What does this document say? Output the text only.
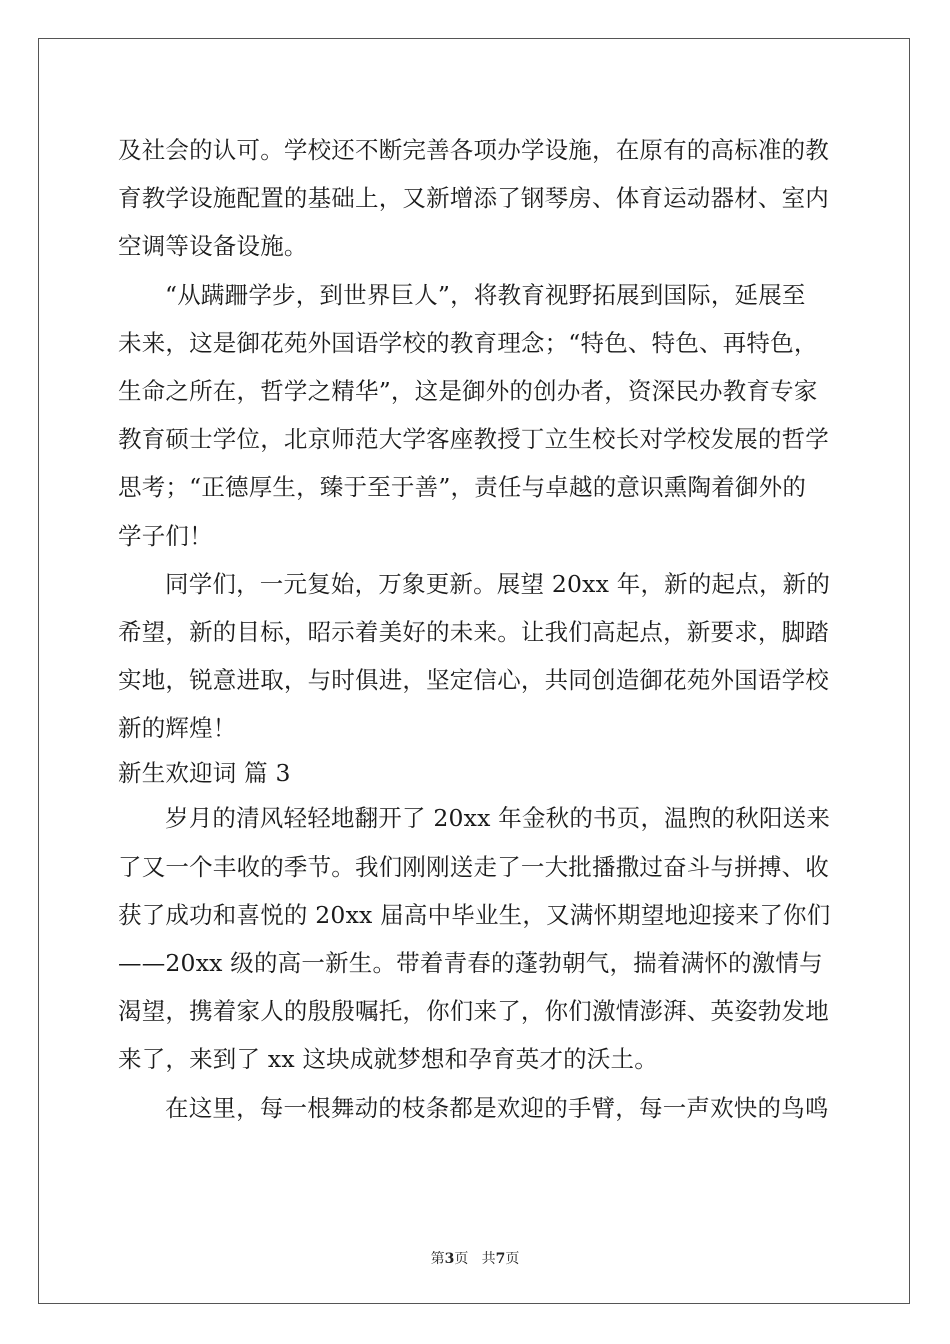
及社会的认可。学校还不断完善各项办学设施，在原有的高标准的教
育教学设施配置的基础上，又新增添了钢琴房、体育运动器材、室内
空调等设备设施。
“从蹒跚学步，到世界巨人”，将教育视野拓展到国际，延展至
未来，这是御花苑外国语学校的教育理念；“特色、特色、再特色，
生命之所在，哲学之精华”，这是御外的创办者，资深民办教育专家
教育硕士学位，北京师范大学客座教授丁立生校长对学校发展的哲学
思考；“正德厚生，臻于至于善”，责任与卓越的意识熏陶着御外的
学子们！
同学们，一元复始，万象更新。展望 20xx 年，新的起点，新的
希望，新的目标，昭示着美好的未来。让我们高起点，新要求，脚踏
实地，锐意进取，与时俱进，坚定信心，共同创造御花苑外国语学校
新的辉煌！
新生欢迎词 篇 3
岁月的清风轻轻地翻开了 20xx 年金秋的书页，温煦的秋阳送来
了又一个丰收的季节。我们刚刚送走了一大批播撒过奋斗与拼搏、收
获了成功和喜悦的 20xx 届高中毕业生，又满怀期望地迎接来了你们
——20xx 级的高一新生。带着青春的蓬勃朝气，揣着满怀的激情与
渴望，携着家人的殷殷嘱托，你们来了，你们激情澎湃、英姿勃发地
来了，来到了 xx 这块成就梦想和孕育英才的沃土。
在这里，每一根舞动的枝条都是欢迎的手臂，每一声欢快的鸟鸣
第3页 共7页
